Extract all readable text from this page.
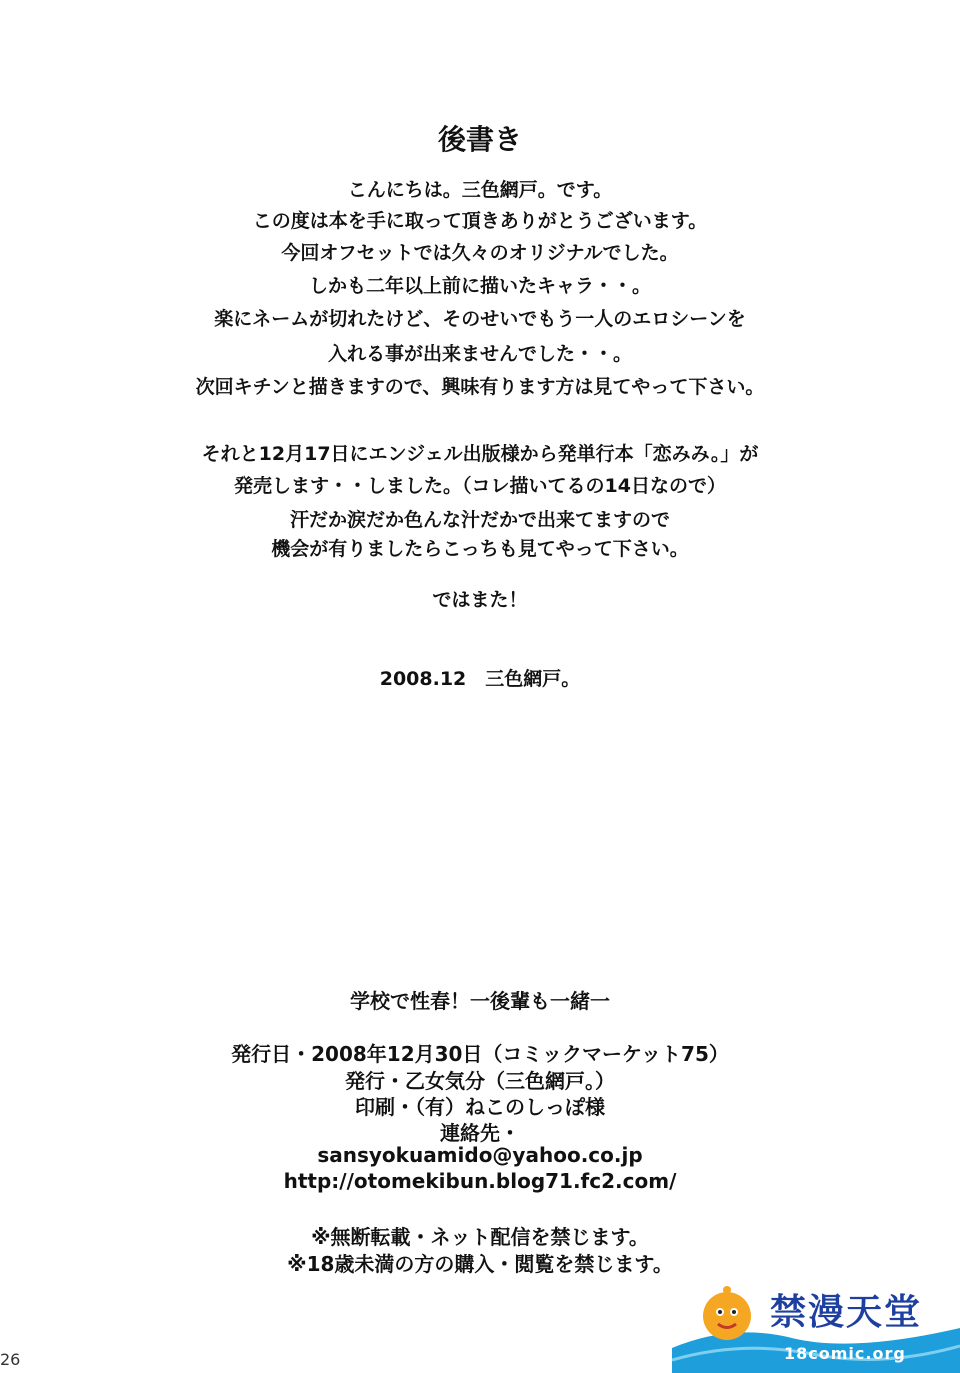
後書き
こんにちは。三色網戸。です。
この度は本を手に取って頂きありがとうございます。
今回オフセットでは久々のオリジナルでした。
しかも二年以上前に描いたキャラ・・。
楽にネームが切れたけど、そのせいでもう一人のエロシーンを
入れる事が出来ませんでした・・。
次回キチンと描きますので、興味有ります方は見てやって下さい。
それと12月17日にエンジェル出版様から発単行本「恋みみ。」が
発売します・・しました。（コレ描いてるの14日なので）
汗だか涙だか色んな汁だかで出来てますので
機会が有りましたらこっちも見てやって下さい。
ではまた！
2008.12　三色網戸。
学校で性春！一後輩も一緒一
発行日・2008年12月30日（コミックマーケット75）
発行・乙女気分（三色網戸。）
印刷・（有）ねこのしっぽ様
連絡先・
sansyokuamido@yahoo.co.jp
http://otomekibun.blog71.fc2.com/
※無断転載・ネット配信を禁じます。
※18歳未満の方の購入・閲覧を禁じます。
26
禁漫天堂
18comic.org
